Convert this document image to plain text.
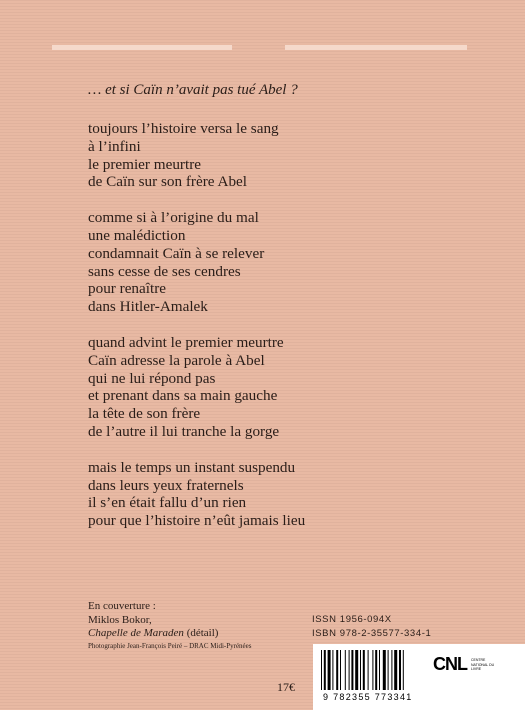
… et si Caïn n’avait pas tué Abel ?

toujours l’histoire versa le sang
à l’infini
le premier meurtre
de Caïn sur son frère Abel
comme si à l’origine du mal
une malédiction
condamnait Caïn à se relever
sans cesse de ses cendres
pour renaître
dans Hitler-Amalek
quand advint le premier meurtre
Caïn adresse la parole à Abel
qui ne lui répond pas
et prenant dans sa main gauche
la tête de son frère
de l’autre il lui tranche la gorge
mais le temps un instant suspendu
dans leurs yeux fraternels
il s’en était fallu d’un rien
pour que l’histoire n’eût jamais lieu
En couverture :
Miklos Bokor,
Chapelle de Maraden (détail)
Photographie Jean-François Peiré – DRAC Midi-Pyrénées
ISSN 1956-094X
ISBN 978-2-35577-334-1
17€
9 782355 773341
CNL CENTRE NATIONAL DU LIVRE
